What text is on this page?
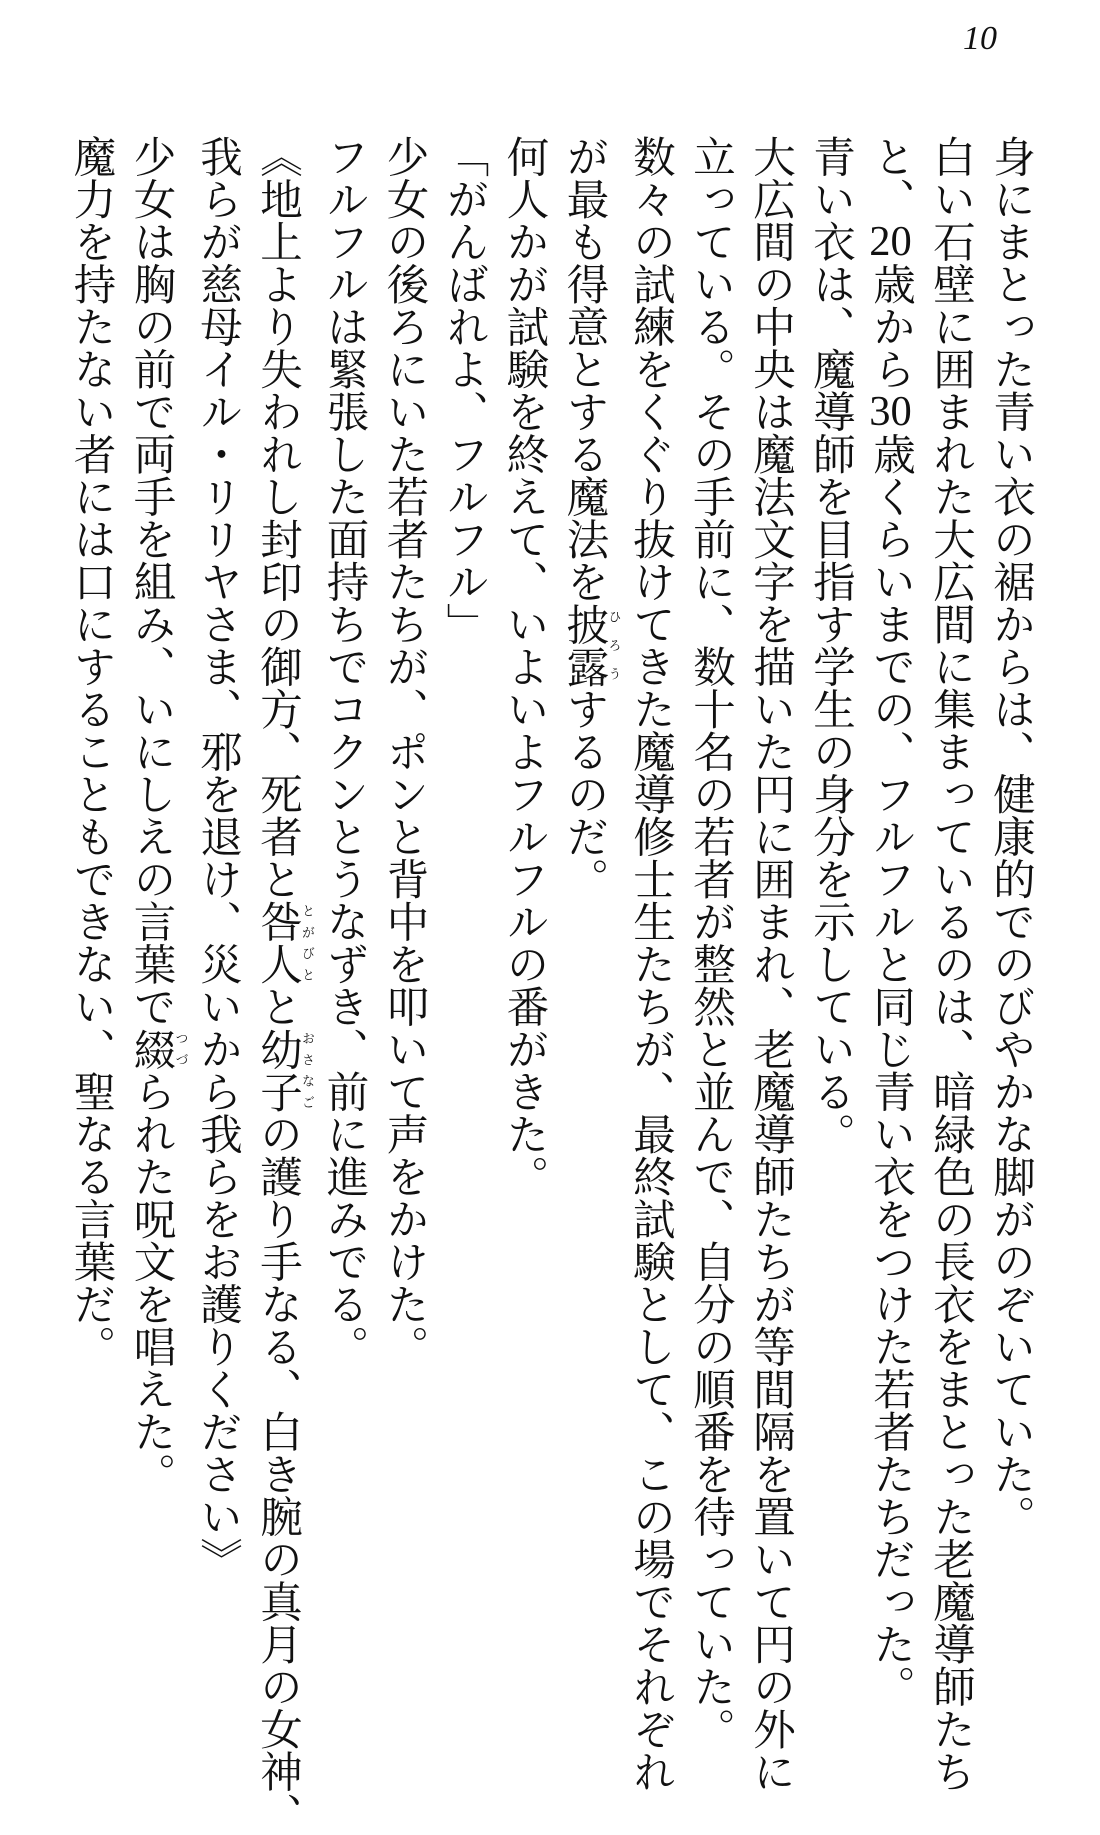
10
身にまとった青い衣の裾からは、健康的でのびやかな脚がのぞいていた。
白い石壁に囲まれた大広間に集まっているのは、暗緑色の長衣をまとった老魔導師たち
と、20歳から30歳くらいまでの、フルフルと同じ青い衣をつけた若者たちだった。
青い衣は、魔導師を目指す学生の身分を示している。
大広間の中央は魔法文字を描いた円に囲まれ、老魔導師たちが等間隔を置いて円の外に
立っている。その手前に、数十名の若者が整然と並んで、自分の順番を待っていた。
数々の試練をくぐり抜けてきた魔導修士生たちが、最終試験として、この場でそれぞれ
が最も得意とする魔法を披露ひろうするのだ。
何人かが試験を終えて、いよいよフルフルの番がきた。
「がんばれよ、フルフル」
少女の後ろにいた若者たちが、ポンと背中を叩いて声をかけた。
フルフルは緊張した面持ちでコクンとうなずき、前に進みでる。
《地上より失われし封印の御方、死者と咎人とがびとと幼子おさなごの護り手なる、白き腕の真月の女神、
我らが慈母イル・リリヤさま、邪を退け、災いから我らをお護りください》
少女は胸の前で両手を組み、いにしえの言葉で綴つづられた呪文を唱えた。
魔力を持たない者には口にすることもできない、聖なる言葉だ。
